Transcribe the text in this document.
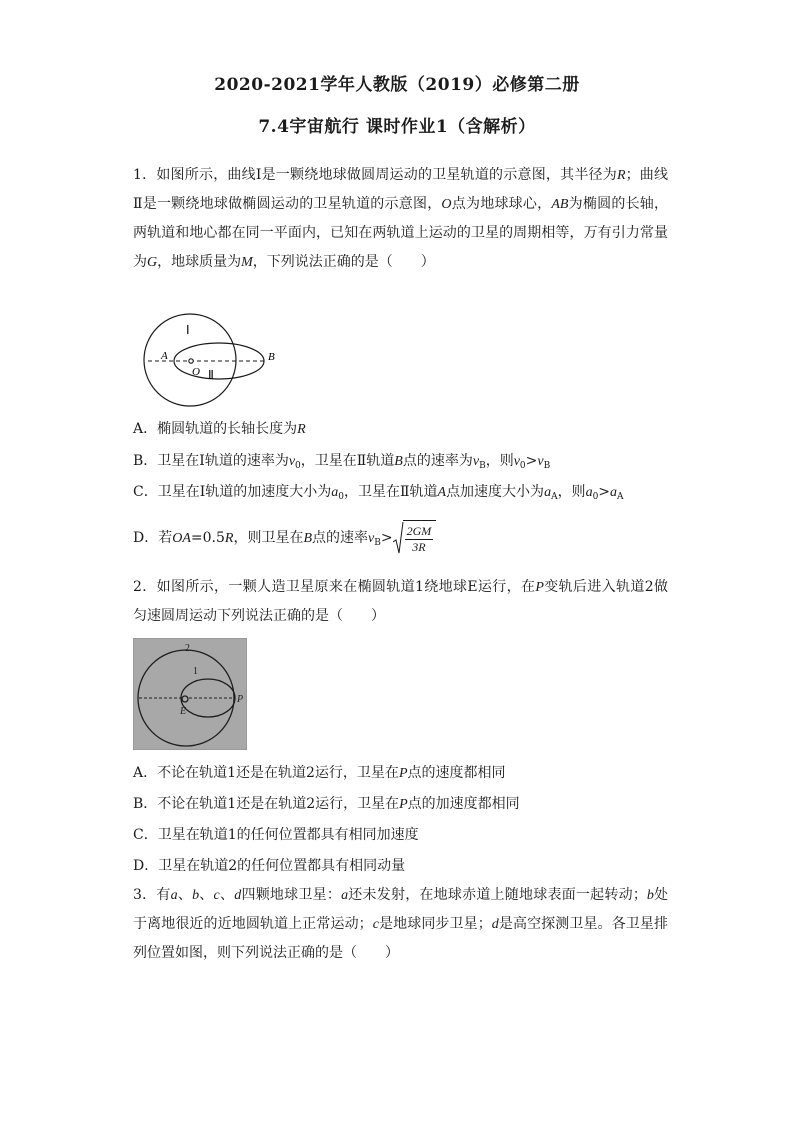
2020-2021学年人教版（2019）必修第二册
7.4宇宙航行 课时作业1（含解析）
1．如图所示，曲线Ⅰ是一颗绕地球做圆周运动的卫星轨道的示意图，其半径为R；曲线Ⅱ是一颗绕地球做椭圆运动的卫星轨道的示意图，O点为地球球心，AB为椭圆的长轴，两轨道和地心都在同一平面内，已知在两轨道上运动的卫星的周期相等，万有引力常量为G，地球质量为M，下列说法正确的是（　　）
Ⅰ
Ⅱ
A	B
O
A．椭圆轨道的长轴长度为R
B．卫星在Ⅰ轨道的速率为$v_0$，卫星在Ⅱ轨道B点的速率为$v_B$，则$v_0>v_B$
C．卫星在Ⅰ轨道的加速度大小为$a_0$，卫星在Ⅱ轨道A点加速度大小为$a_A$，则$a_0>a_A$
D．若OA=0.5R，则卫星在B点的速率$v_B> \frac{2GM}{3R}$
2．如图所示，一颗人造卫星原来在椭圆轨道1绕地球E运行，在P变轨后进入轨道2做匀速圆周运动下列说法正确的是（　　）
2
1
E
P
A．不论在轨道1还是在轨道2运行，卫星在P点的速度都相同
B．不论在轨道1还是在轨道2运行，卫星在P点的加速度都相同
C．卫星在轨道1的任何位置都具有相同加速度
D．卫星在轨道2的任何位置都具有相同动量
3．有a、b、c、d四颗地球卫星：a还未发射，在地球赤道上随地球表面一起转动；b处于离地很近的近地圆轨道上正常运动；c是地球同步卫星；d是高空探测卫星。各卫星排列位置如图，则下列说法正确的是（　　）
